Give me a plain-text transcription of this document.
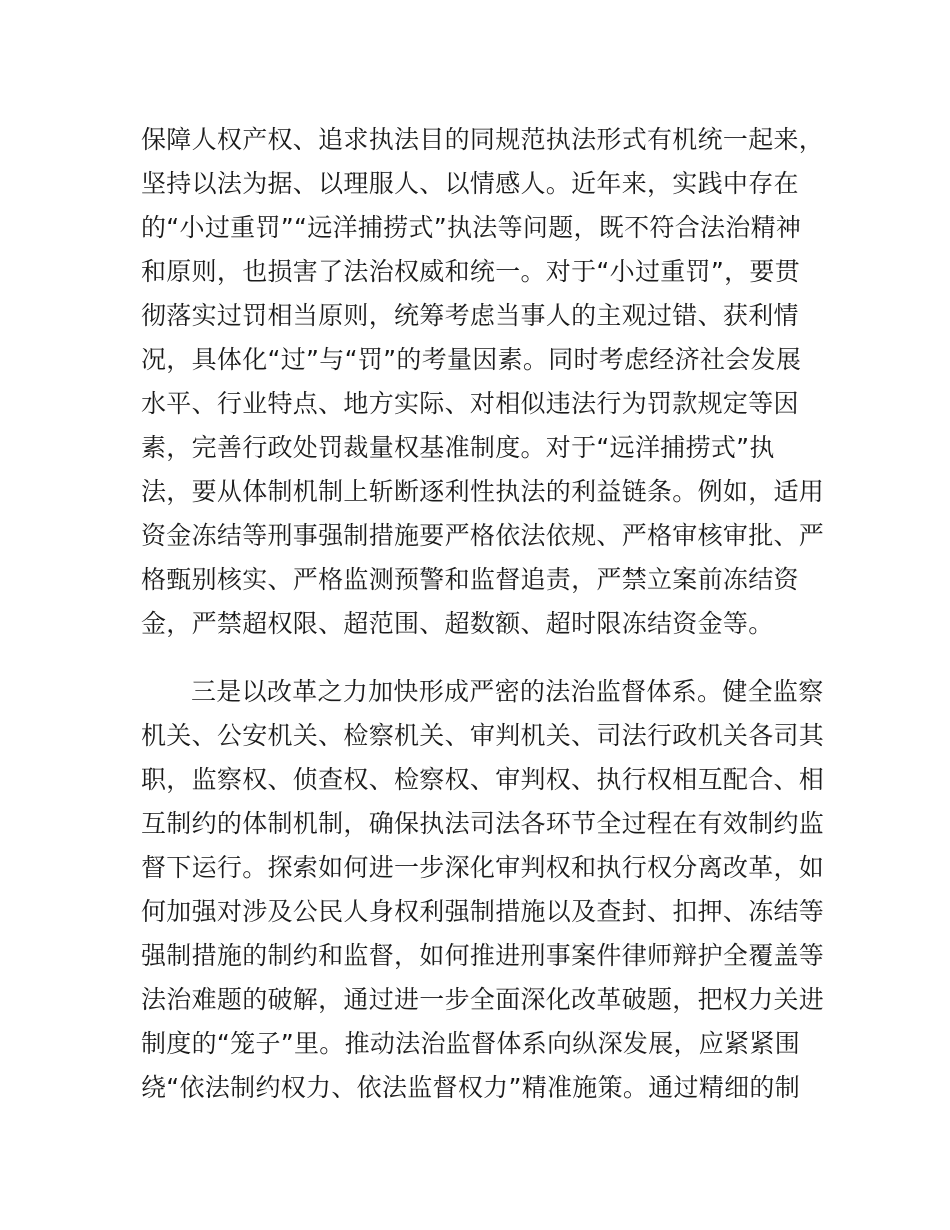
保障人权产权、追求执法目的同规范执法形式有机统一起来，
坚持以法为据、以理服人、以情感人。近年来，实践中存在
的“小过重罚”“远洋捕捞式”执法等问题，既不符合法治精神
和原则，也损害了法治权威和统一。对于“小过重罚”，要贯
彻落实过罚相当原则，统筹考虑当事人的主观过错、获利情
况，具体化“过”与“罚”的考量因素。同时考虑经济社会发展
水平、行业特点、地方实际、对相似违法行为罚款规定等因
素，完善行政处罚裁量权基准制度。对于“远洋捕捞式”执
法，要从体制机制上斩断逐利性执法的利益链条。例如，适用
资金冻结等刑事强制措施要严格依法依规、严格审核审批、严
格甄别核实、严格监测预警和监督追责，严禁立案前冻结资
金，严禁超权限、超范围、超数额、超时限冻结资金等。
三是以改革之力加快形成严密的法治监督体系。健全监察
机关、公安机关、检察机关、审判机关、司法行政机关各司其
职，监察权、侦查权、检察权、审判权、执行权相互配合、相
互制约的体制机制，确保执法司法各环节全过程在有效制约监
督下运行。探索如何进一步深化审判权和执行权分离改革，如
何加强对涉及公民人身权利强制措施以及查封、扣押、冻结等
强制措施的制约和监督，如何推进刑事案件律师辩护全覆盖等
法治难题的破解，通过进一步全面深化改革破题，把权力关进
制度的“笼子”里。推动法治监督体系向纵深发展，应紧紧围
绕“依法制约权力、依法监督权力”精准施策。通过精细的制
